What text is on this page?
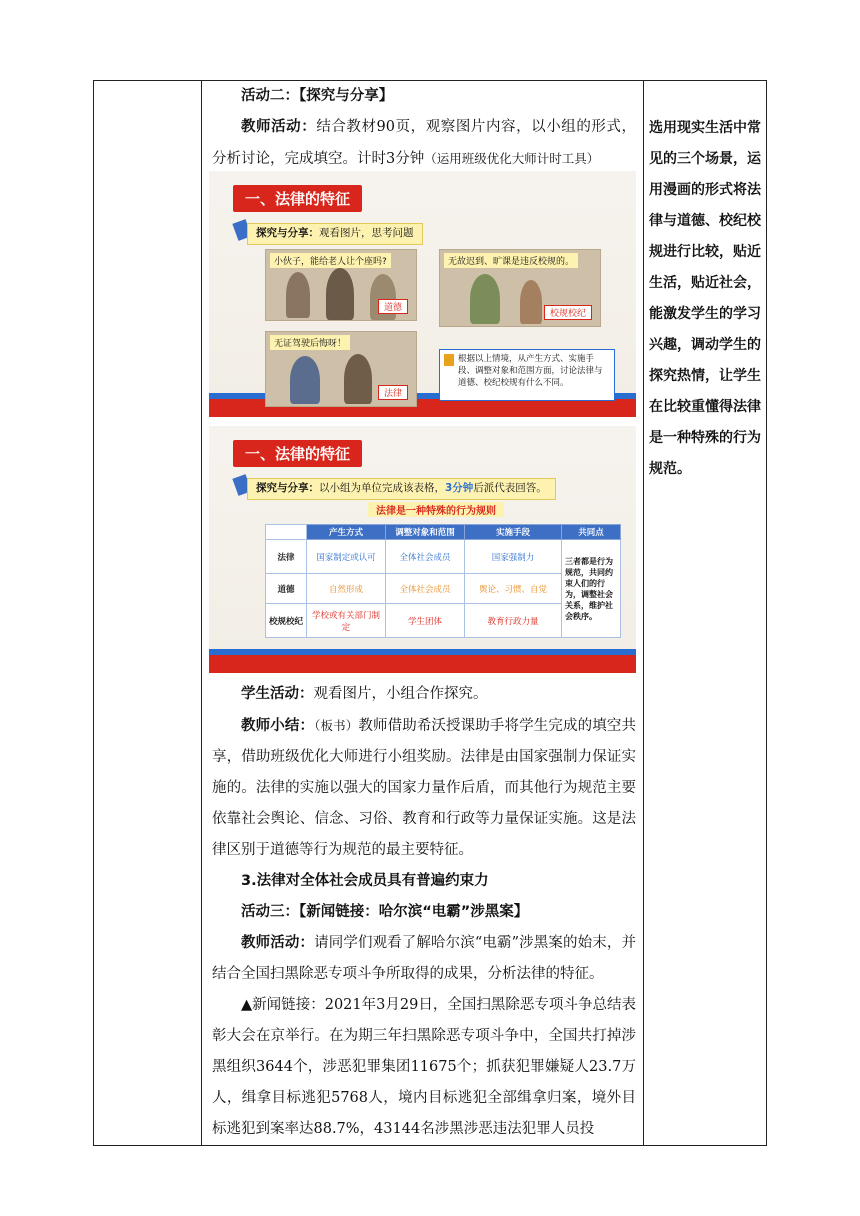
活动二：【探究与分享】

教师活动：结合教材90页，观察图片内容，以小组的形式，分析讨论，完成填空。计时3分钟（运用班级优化大师计时工具）

选用现实生活中常见的三个场景，运用漫画的形式将法律与道德、校纪校规进行比较，贴近生活，贴近社会，能激发学生的学习兴趣，调动学生的探究热情，让学生在比较重懂得法律是一种特殊的行为规范。
一、法律的特征
探究与分享：观看图片，思考问题
小伙子，能给老人让个座吗?
道德
无故迟到、旷课是违反校规的。
校规校纪
无证驾驶后悔呀！
法律
根据以上情境，从产生方式、实施手段、调整对象和范围方面，讨论法律与道德、校纪校规有什么不同。
一、法律的特征
探究与分享：以小组为单位完成该表格，3分钟后派代表回答。
法律是一种特殊的行为规则
	产生方式	调整对象和范围	实施手段	共同点
法律	国家制定或认可	全体社会成员	国家强制力	三者都是行为规范，共同约束人们的行为，调整社会关系，维护社会秩序。
道德	自然形成	全体社会成员	舆论、习惯、自觉	
校规校纪	学校或有关部门制定	学生团体	教育行政力量	

学生活动：观看图片，小组合作探究。

教师小结：（板书）教师借助希沃授课助手将学生完成的填空共享，借助班级优化大师进行小组奖励。法律是由国家强制力保证实施的。法律的实施以强大的国家力量作后盾，而其他行为规范主要依靠社会舆论、信念、习俗、教育和行政等力量保证实施。这是法律区别于道德等行为规范的最主要特征。

3.法律对全体社会成员具有普遍约束力

活动三：【新闻链接：哈尔滨“电霸”涉黑案】

教师活动：请同学们观看了解哈尔滨“电霸”涉黑案的始末，并结合全国扫黑除恶专项斗争所取得的成果，分析法律的特征。

▲新闻链接：2021年3月29日，全国扫黑除恶专项斗争总结表彰大会在京举行。在为期三年扫黑除恶专项斗争中，全国共打掉涉黑组织3644个，涉恶犯罪集团11675个；抓获犯罪嫌疑人23.7万人，缉拿目标逃犯5768人，境内目标逃犯全部缉拿归案，境外目标逃犯到案率达88.7%，43144名涉黑涉恶违法犯罪人员投
